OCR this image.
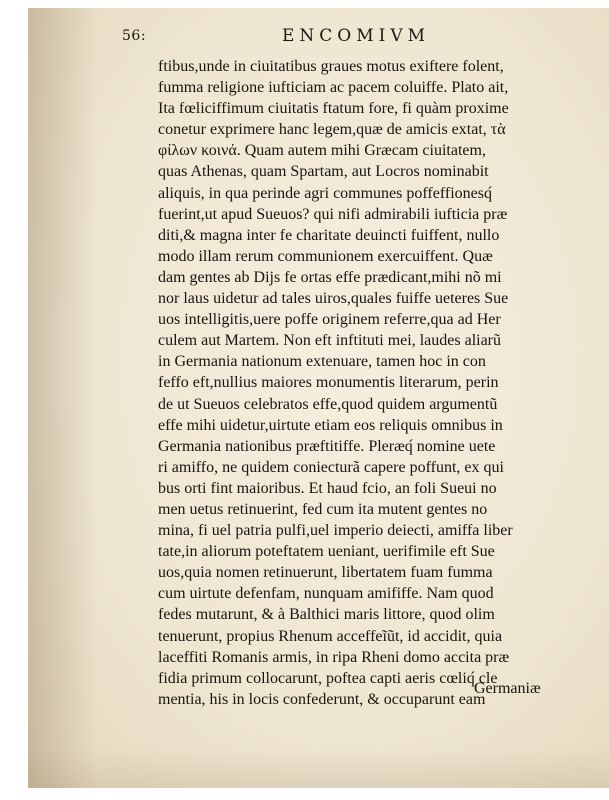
56:	ENCOMIVM
ftibus,unde in ciuitatibus graues motus exiftere folent,
fumma religione iufticiam ac pacem coluiffe. Plato ait,
Ita fœliciffimum ciuitatis ftatum fore, fi quàm proxime
conetur exprimere hanc legem,quæ de amicis extat, τὰ
φίλων κοινά. Quam autem mihi Græcam ciuitatem,
quas Athenas, quam Spartam, aut Locros nominabit
aliquis, in qua perinde agri communes poffeffionesq́
fuerint,ut apud Sueuos? qui nifi admirabili iufticia præ
diti,& magna inter fe charitate deuincti fuiffent, nullo
modo illam rerum communionem exercuiffent. Quæ
dam gentes ab Dijs fe ortas effe prædicant,mihi nõ mi
nor laus uidetur ad tales uiros,quales fuiffe ueteres Sue
uos intelligitis,uere poffe originem referre,qua ad Her
culem aut Martem. Non eft inftituti mei, laudes aliarũ
in Germania nationum extenuare, tamen hoc in con
feffo eft,nullius maiores monumentis literarum, perin
de ut Sueuos celebratos effe,quod quidem argumentũ
effe mihi uidetur,uirtute etiam eos reliquis omnibus in
Germania nationibus præftitiffe. Pleræq́ nomine uete
ri amiffo, ne quidem coniecturã capere poffunt, ex qui
bus orti fint maioribus. Et haud fcio, an foli Sueui no
men uetus retinuerint, fed cum ita mutent gentes no
mina, fi uel patria pulfi,uel imperio deiecti, amiffa liber
tate,in aliorum poteftatem ueniant, uerifimile eft Sue
uos,quia nomen retinuerunt, libertatem fuam fumma
cum uirtute defenfam, nunquam amififfe. Nam quod
fedes mutarunt, & à Balthici maris littore, quod olim
tenuerunt, propius Rhenum acceffeĩũt, id accidit, quia
laceffiti Romanis armis, in ripa Rheni domo accita præ
fidia primum collocarunt, poftea capti aeris cœliq́ cle
mentia, his in locis confederunt, & occuparunt eam
Germaniæ
